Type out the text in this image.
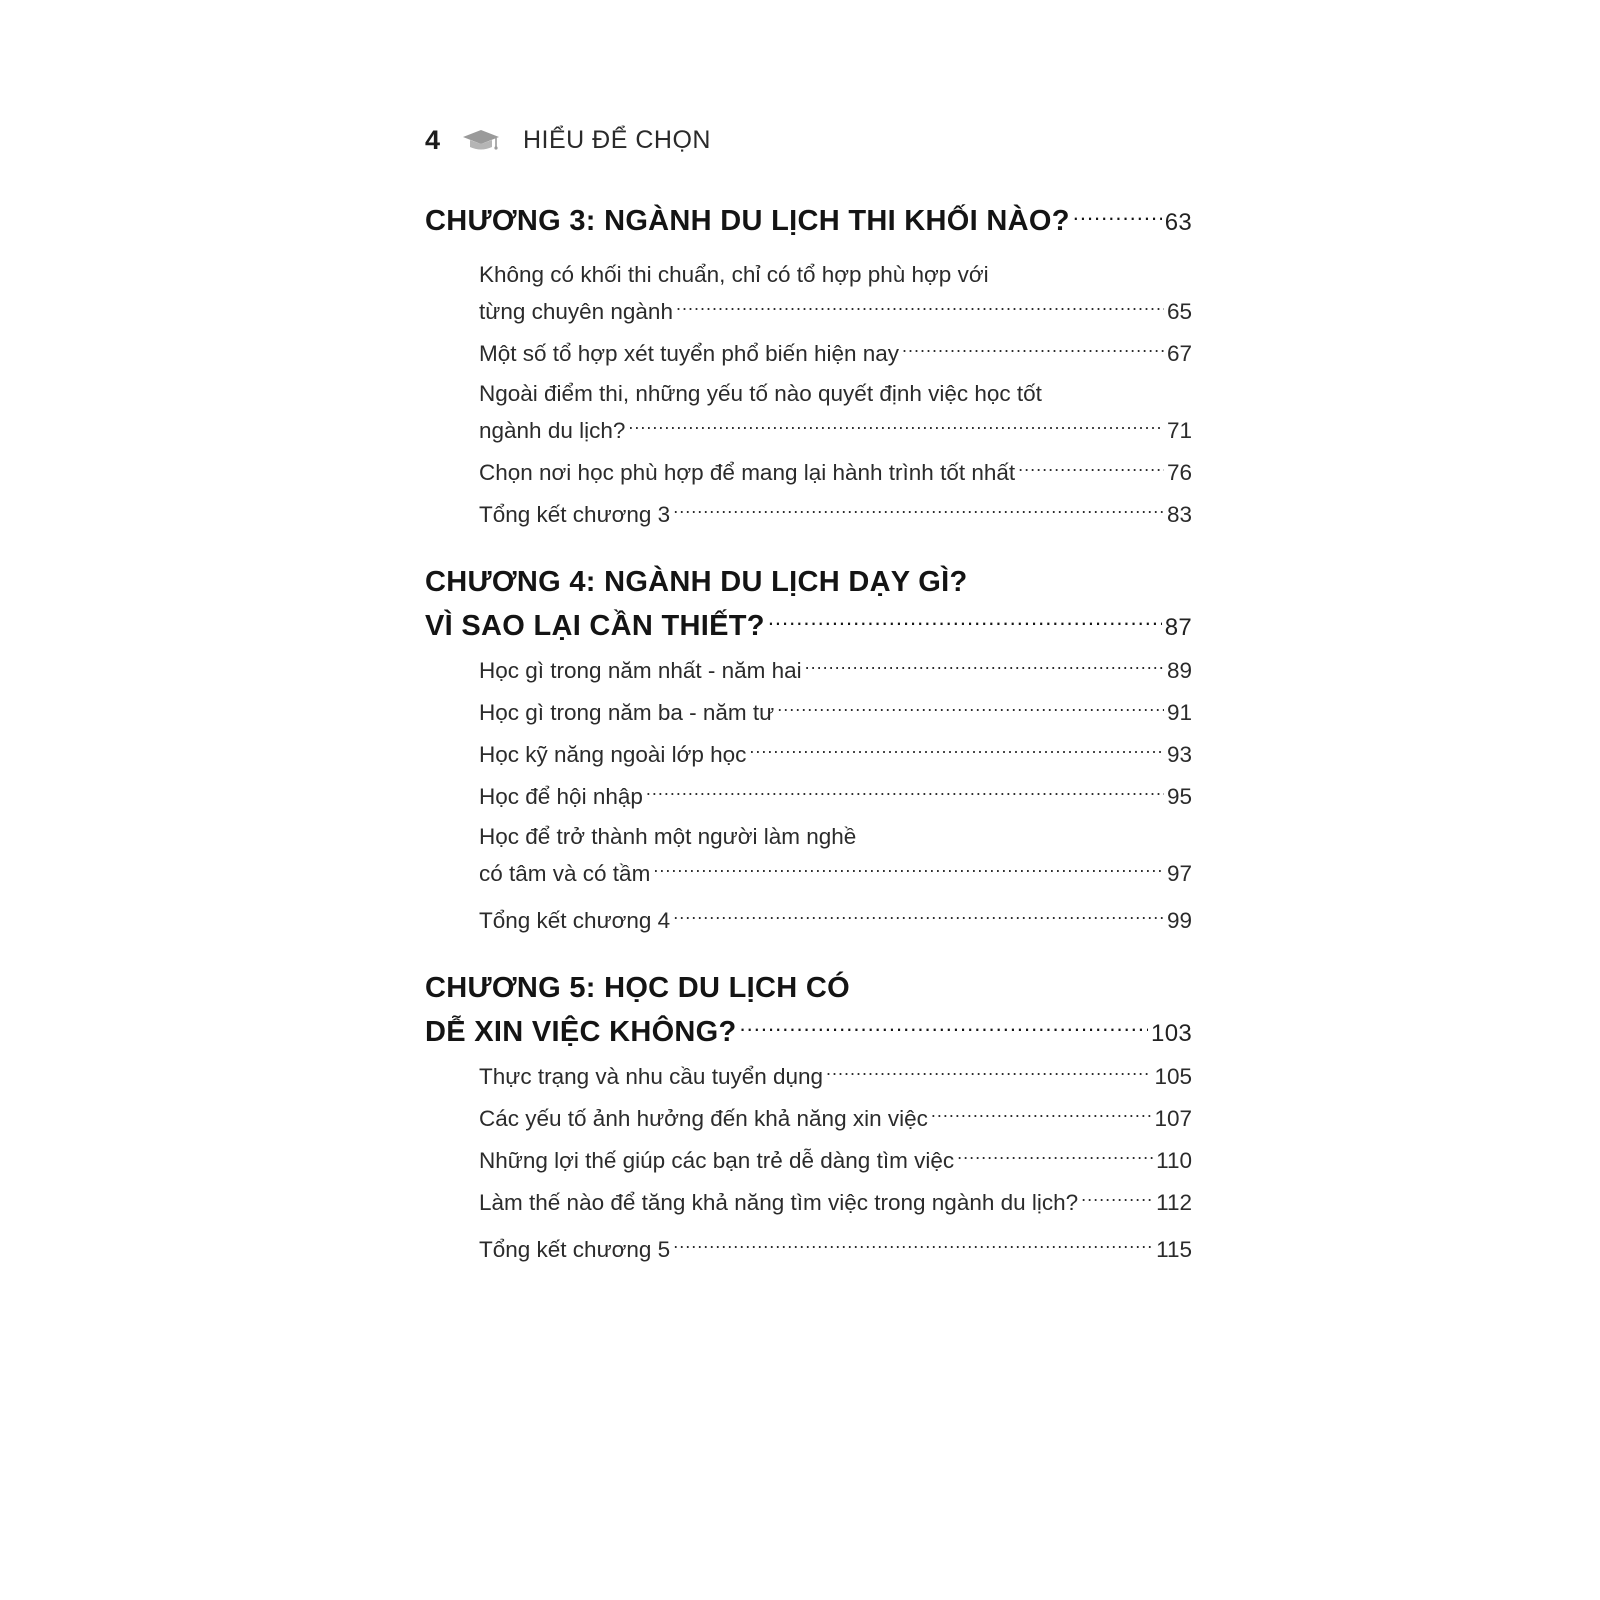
4	HIỂU ĐỂ CHỌN
CHƯƠNG 3: NGÀNH DU LỊCH THI KHỐI NÀO? .....	63
Không có khối thi chuẩn, chỉ có tổ hợp phù hợp với
từng chuyên ngành .....	65
Một số tổ hợp xét tuyển phổ biến hiện nay .....	67
Ngoài điểm thi, những yếu tố nào quyết định việc học tốt
ngành du lịch? .....	71
Chọn nơi học phù hợp để mang lại hành trình tốt nhất .....	76
Tổng kết chương 3 .....	83
CHƯƠNG 4: NGÀNH DU LỊCH DẠY GÌ?
VÌ SAO LẠI CẦN THIẾT? .....	87
Học gì trong năm nhất - năm hai .....	89
Học gì trong năm ba - năm tư .....	91
Học kỹ năng ngoài lớp học .....	93
Học để hội nhập .....	95
Học để trở thành một người làm nghề
có tâm và có tầm .....	97
Tổng kết chương 4 .....	99
CHƯƠNG 5: HỌC DU LỊCH CÓ
DỄ XIN VIỆC KHÔNG? .....	103
Thực trạng và nhu cầu tuyển dụng .....	105
Các yếu tố ảnh hưởng đến khả năng xin việc .....	107
Những lợi thế giúp các bạn trẻ dễ dàng tìm việc .....	110
Làm thế nào để tăng khả năng tìm việc trong ngành du lịch? .....	112
Tổng kết chương 5 .....	115
